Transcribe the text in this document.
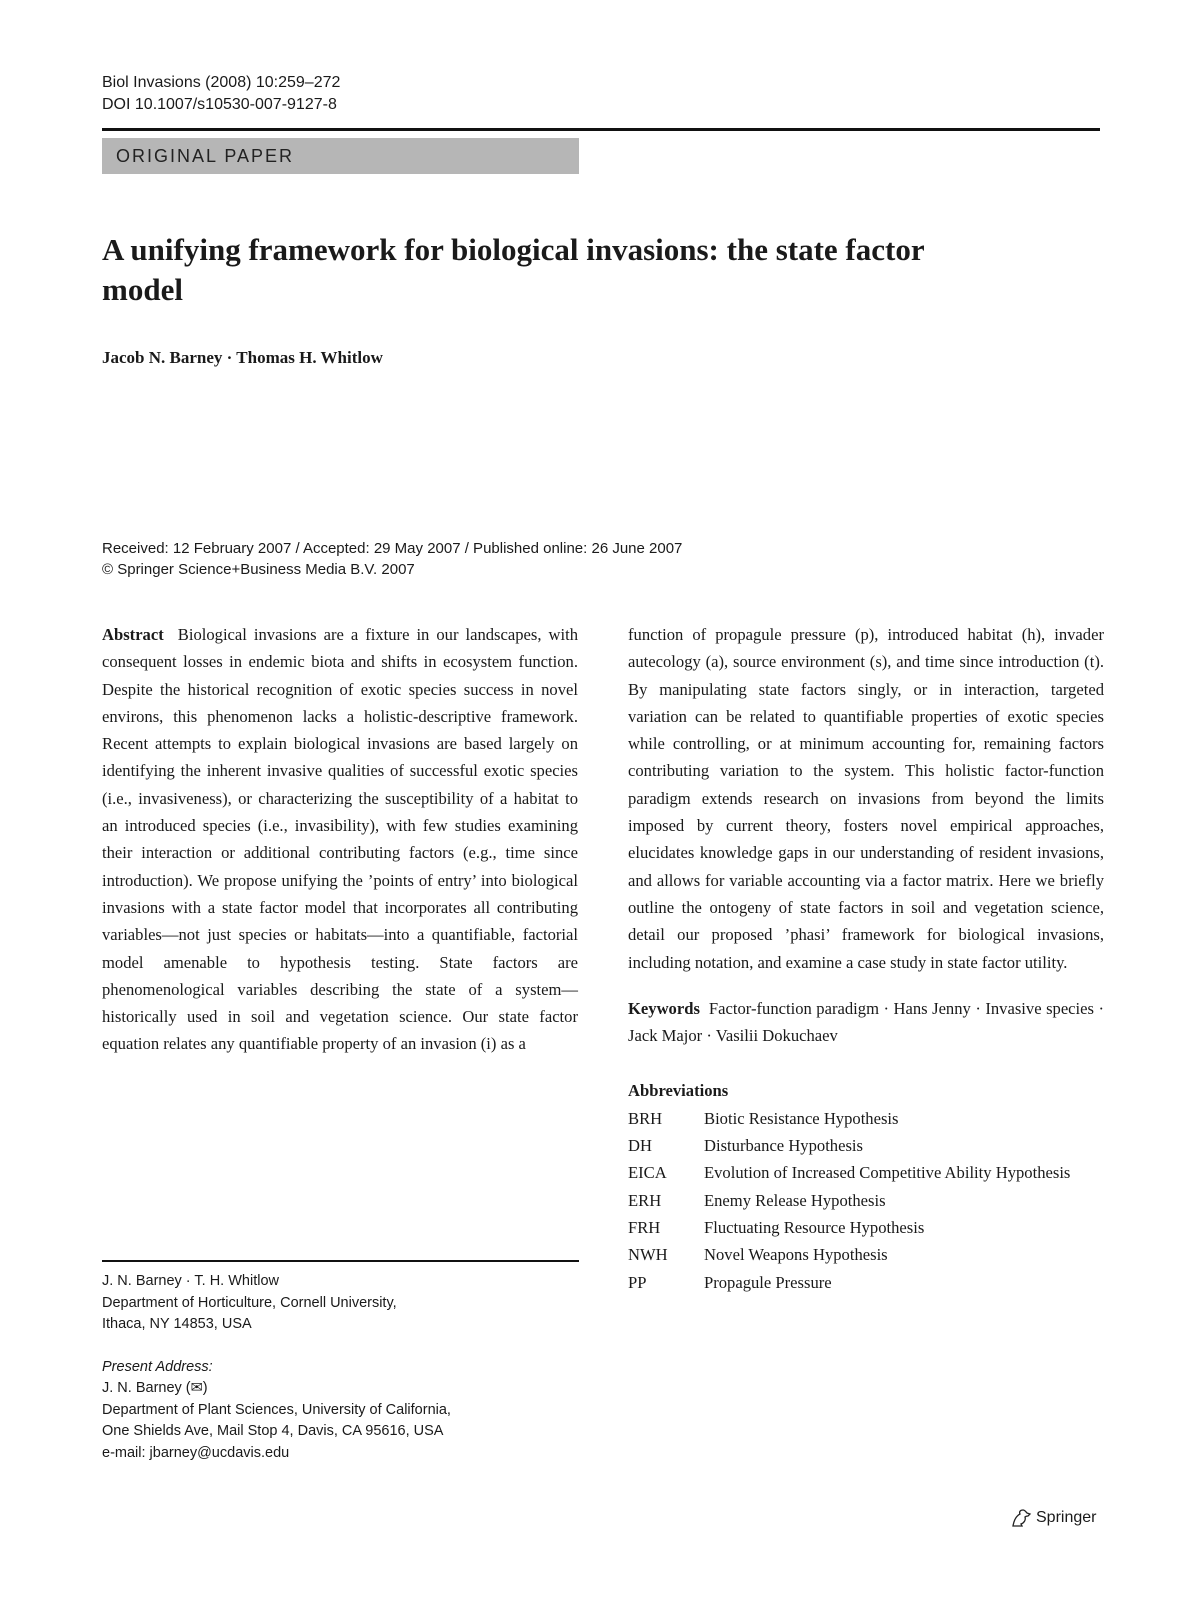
Biol Invasions (2008) 10:259–272
DOI 10.1007/s10530-007-9127-8
ORIGINAL PAPER
A unifying framework for biological invasions: the state factor model
Jacob N. Barney · Thomas H. Whitlow
Received: 12 February 2007 / Accepted: 29 May 2007 / Published online: 26 June 2007
© Springer Science+Business Media B.V. 2007
Abstract Biological invasions are a fixture in our landscapes, with consequent losses in endemic biota and shifts in ecosystem function. Despite the historical recognition of exotic species success in novel environs, this phenomenon lacks a holistic-descriptive framework. Recent attempts to explain biological invasions are based largely on identifying the inherent invasive qualities of successful exotic species (i.e., invasiveness), or characterizing the susceptibility of a habitat to an introduced species (i.e., invasibility), with few studies examining their interaction or additional contributing factors (e.g., time since introduction). We propose unifying the ’points of entry’ into biological invasions with a state factor model that incorporates all contributing variables—not just species or habitats—into a quantifiable, factorial model amenable to hypothesis testing. State factors are phenomenological variables describing the state of a system—historically used in soil and vegetation science. Our state factor equation relates any quantifiable property of an invasion (i) as a
J. N. Barney · T. H. Whitlow
Department of Horticulture, Cornell University,
Ithaca, NY 14853, USA
Present Address:
J. N. Barney (✉)
Department of Plant Sciences, University of California,
One Shields Ave, Mail Stop 4, Davis, CA 95616, USA
e-mail: jbarney@ucdavis.edu
function of propagule pressure (p), introduced habitat (h), invader autecology (a), source environment (s), and time since introduction (t). By manipulating state factors singly, or in interaction, targeted variation can be related to quantifiable properties of exotic species while controlling, or at minimum accounting for, remaining factors contributing variation to the system. This holistic factor-function paradigm extends research on invasions from beyond the limits imposed by current theory, fosters novel empirical approaches, elucidates knowledge gaps in our understanding of resident invasions, and allows for variable accounting via a factor matrix. Here we briefly outline the ontogeny of state factors in soil and vegetation science, detail our proposed ’phasi’ framework for biological invasions, including notation, and examine a case study in state factor utility.
Keywords Factor-function paradigm · Hans Jenny · Invasive species · Jack Major · Vasilii Dokuchaev
Abbreviations
BRH	Biotic Resistance Hypothesis
DH	Disturbance Hypothesis
EICA	Evolution of Increased Competitive Ability Hypothesis
ERH	Enemy Release Hypothesis
FRH	Fluctuating Resource Hypothesis
NWH	Novel Weapons Hypothesis
PP	Propagule Pressure
Springer
